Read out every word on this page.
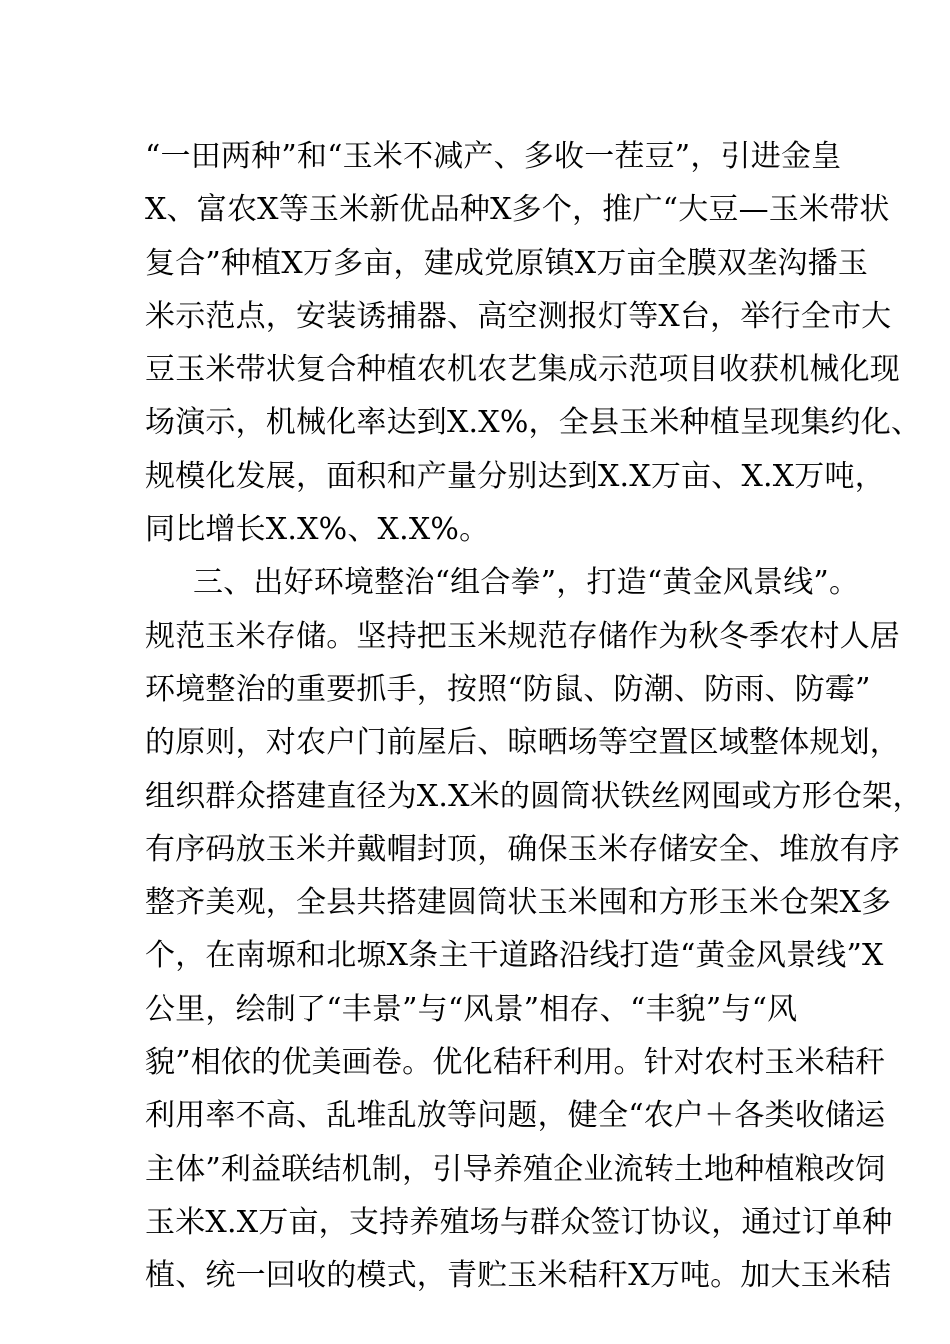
“一田两种”和“玉米不减产、多收一茬豆”，引进金皇
X、富农X等玉米新优品种X多个，推广“大豆—玉米带状
复合”种植X万多亩，建成党原镇X万亩全膜双垄沟播玉
米示范点，安装诱捕器、高空测报灯等X台，举行全市大
豆玉米带状复合种植农机农艺集成示范项目收获机械化现
场演示，机械化率达到X.X%，全县玉米种植呈现集约化、
规模化发展，面积和产量分别达到X.X万亩、X.X万吨，
同比增长X.X%、X.X%。
三、出好环境整治“组合拳”，打造“黄金风景线”。
规范玉米存储。坚持把玉米规范存储作为秋冬季农村人居
环境整治的重要抓手，按照“防鼠、防潮、防雨、防霉”
的原则，对农户门前屋后、晾晒场等空置区域整体规划，
组织群众搭建直径为X.X米的圆筒状铁丝网囤或方形仓架，
有序码放玉米并戴帽封顶，确保玉米存储安全、堆放有序
整齐美观，全县共搭建圆筒状玉米囤和方形玉米仓架X多
个，在南塬和北塬X条主干道路沿线打造“黄金风景线”X
公里，绘制了“丰景”与“风景”相存、“丰貌”与“风
貌”相依的优美画卷。优化秸秆利用。针对农村玉米秸秆
利用率不高、乱堆乱放等问题，健全“农户＋各类收储运
主体”利益联结机制，引导养殖企业流转土地种植粮改饲
玉米X.X万亩，支持养殖场与群众签订协议，通过订单种
植、统一回收的模式，青贮玉米秸秆X万吨。加大玉米秸
